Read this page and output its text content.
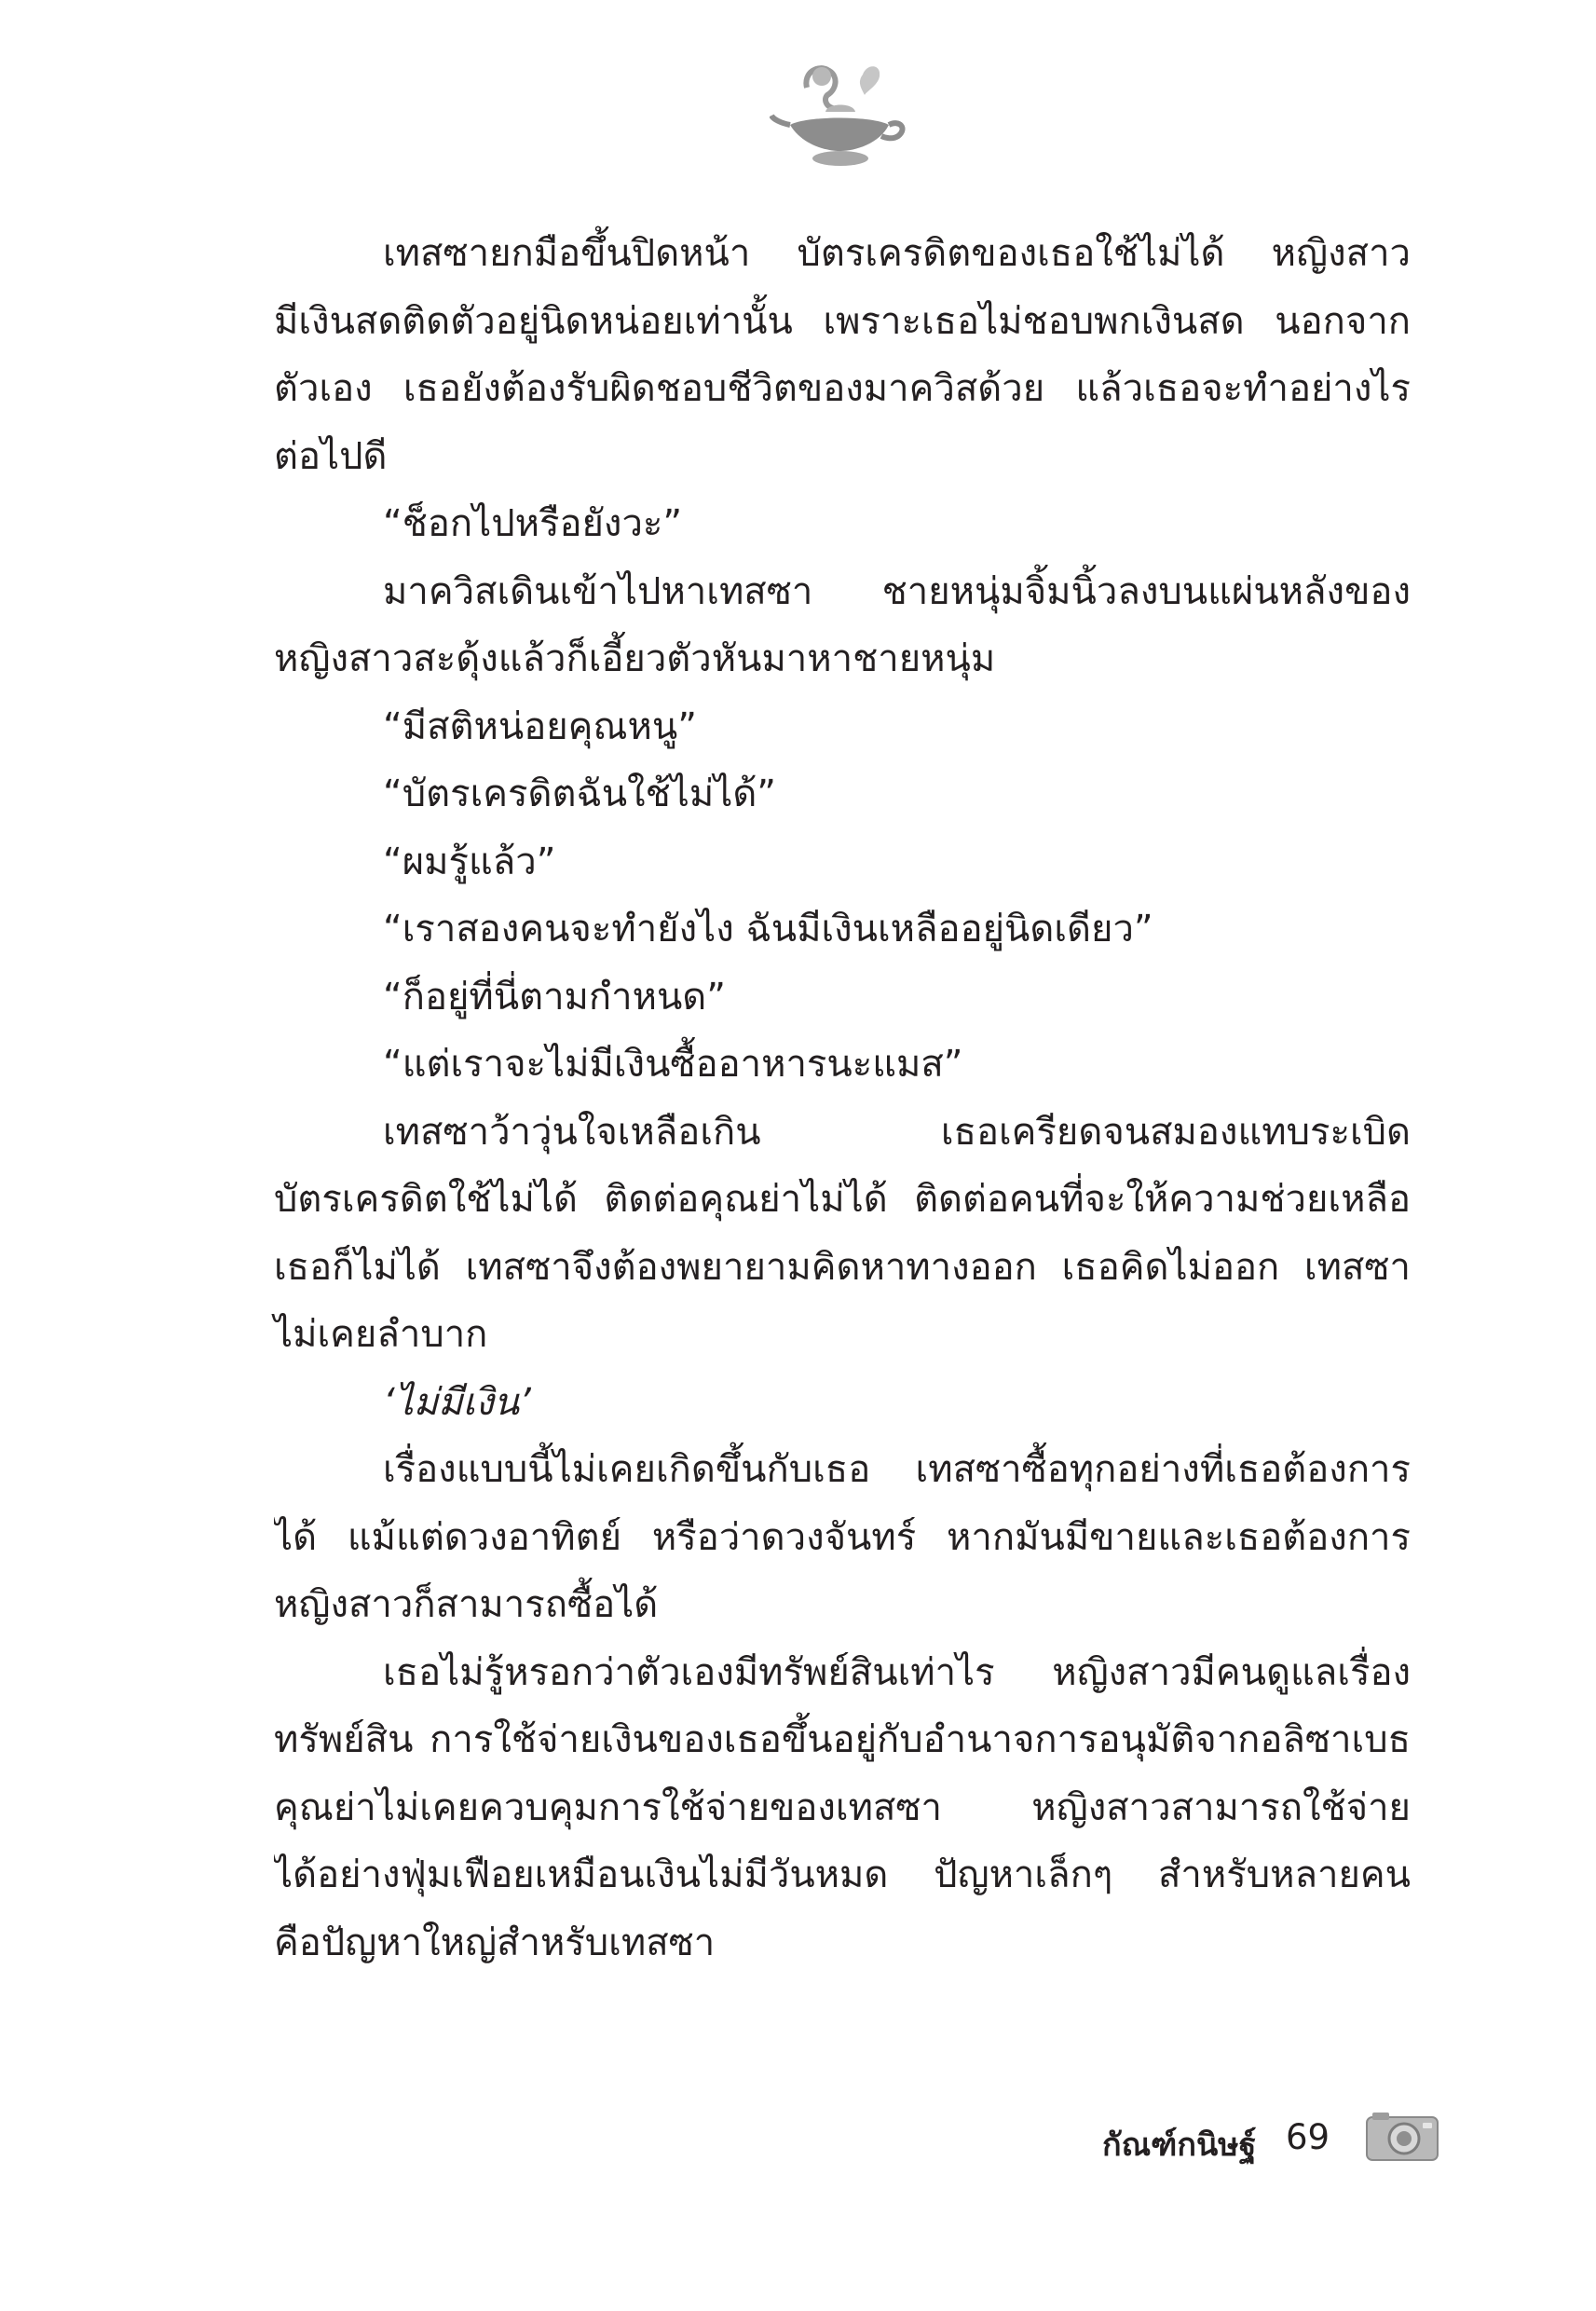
เทสซายกมือขึ้นปิดหน้า บัตรเครดิตของเธอใช้ไม่ได้ หญิงสาว
มีเงินสดติดตัวอยู่นิดหน่อยเท่านั้น เพราะเธอไม่ชอบพกเงินสด นอกจาก
ตัวเอง เธอยังต้องรับผิดชอบชีวิตของมาควิสด้วย แล้วเธอจะทำอย่างไร
ต่อไปดี
“ช็อกไปหรือยังวะ”
มาควิสเดินเข้าไปหาเทสซา ชายหนุ่มจิ้มนิ้วลงบนแผ่นหลังของ
หญิงสาวสะดุ้งแล้วก็เอี้ยวตัวหันมาหาชายหนุ่ม
“มีสติหน่อยคุณหนู”
“บัตรเครดิตฉันใช้ไม่ได้”
“ผมรู้แล้ว”
“เราสองคนจะทำยังไง ฉันมีเงินเหลืออยู่นิดเดียว”
“ก็อยู่ที่นี่ตามกำหนด”
“แต่เราจะไม่มีเงินซื้ออาหารนะแมส”
เทสซาว้าวุ่นใจเหลือเกิน เธอเครียดจนสมองแทบระเบิด
บัตรเครดิตใช้ไม่ได้ ติดต่อคุณย่าไม่ได้ ติดต่อคนที่จะให้ความช่วยเหลือ
เธอก็ไม่ได้ เทสซาจึงต้องพยายามคิดหาทางออก เธอคิดไม่ออก เทสซา
ไม่เคยลำบาก
‘ไม่มีเงิน’
เรื่องแบบนี้ไม่เคยเกิดขึ้นกับเธอ เทสซาซื้อทุกอย่างที่เธอต้องการ
ได้ แม้แต่ดวงอาทิตย์ หรือว่าดวงจันทร์ หากมันมีขายและเธอต้องการ
หญิงสาวก็สามารถซื้อได้
เธอไม่รู้หรอกว่าตัวเองมีทรัพย์สินเท่าไร หญิงสาวมีคนดูแลเรื่อง
ทรัพย์สิน การใช้จ่ายเงินของเธอขึ้นอยู่กับอำนาจการอนุมัติจากอลิซาเบธ
คุณย่าไม่เคยควบคุมการใช้จ่ายของเทสซา หญิงสาวสามารถใช้จ่าย
ได้อย่างฟุ่มเฟือยเหมือนเงินไม่มีวันหมด ปัญหาเล็กๆ สำหรับหลายคน
คือปัญหาใหญ่สำหรับเทสซา
กัณฑ์กนิษฐ์ 69
